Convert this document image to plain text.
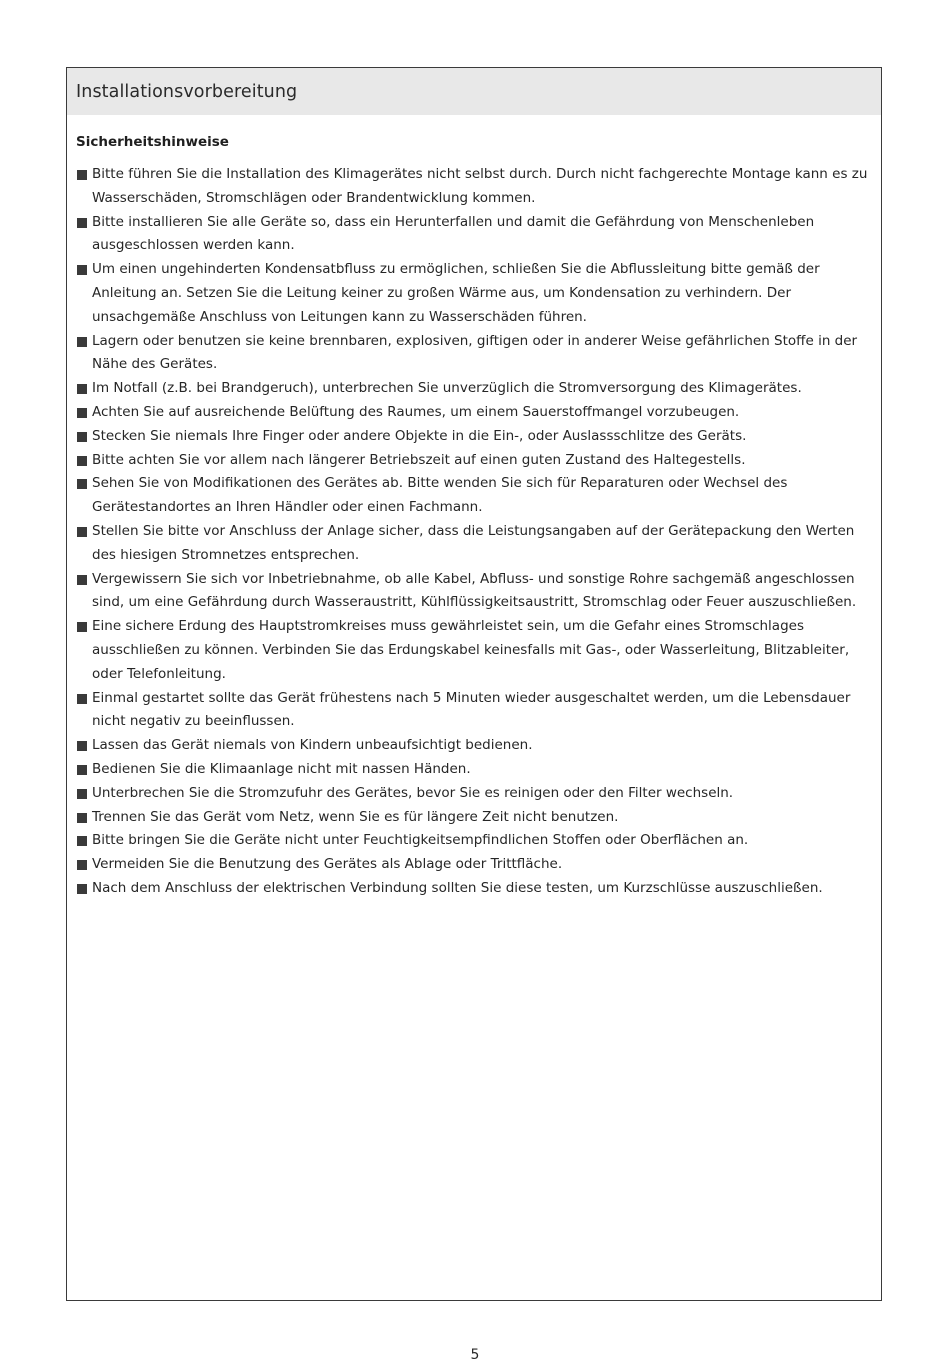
Installationsvorbereitung
Sicherheitshinweise
Bitte führen Sie die Installation des Klimagerätes nicht selbst durch. Durch nicht fachgerechte Montage kann es zu Wasserschäden, Stromschlägen oder Brandentwicklung kommen.
Bitte installieren Sie alle Geräte so, dass ein Herunterfallen und damit die Gefährdung von Menschenleben ausgeschlossen werden kann.
Um einen ungehinderten Kondensatbfluss zu ermöglichen, schließen Sie die Abflussleitung bitte gemäß der Anleitung an. Setzen Sie die Leitung keiner zu großen Wärme aus, um Kondensation zu verhindern. Der unsachgemäße Anschluss von Leitungen kann zu Wasserschäden führen.
Lagern oder benutzen sie keine brennbaren, explosiven, giftigen oder in anderer Weise gefährlichen Stoffe in der Nähe des Gerätes.
Im Notfall (z.B. bei Brandgeruch), unterbrechen Sie unverzüglich die Stromversorgung des Klimagerätes.
Achten Sie auf ausreichende Belüftung des Raumes, um einem Sauerstoffmangel vorzubeugen.
Stecken Sie niemals Ihre Finger oder andere Objekte in die Ein-, oder Auslassschlitze des Geräts.
Bitte achten Sie vor allem nach längerer Betriebszeit auf einen guten Zustand des Haltegestells.
Sehen Sie von Modifikationen des Gerätes ab. Bitte wenden Sie sich für Reparaturen oder Wechsel des Gerätestandortes an Ihren Händler oder einen Fachmann.
Stellen Sie bitte vor Anschluss der Anlage sicher, dass die Leistungsangaben auf der Gerätepackung den Werten des hiesigen Stromnetzes entsprechen.
Vergewissern Sie sich vor Inbetriebnahme, ob alle Kabel, Abfluss- und sonstige Rohre sachgemäß angeschlossen sind, um eine Gefährdung durch Wasseraustritt, Kühlflüssigkeitsaustritt, Stromschlag oder Feuer auszuschließen.
Eine sichere Erdung des Hauptstromkreises muss gewährleistet sein, um die Gefahr eines Stromschlages ausschließen zu können. Verbinden Sie das Erdungskabel keinesfalls mit Gas-, oder Wasserleitung, Blitzableiter, oder Telefonleitung.
Einmal gestartet sollte das Gerät frühestens nach 5 Minuten wieder ausgeschaltet werden, um die Lebensdauer nicht negativ zu beeinflussen.
Lassen das Gerät niemals von Kindern unbeaufsichtigt bedienen.
Bedienen Sie die Klimaanlage nicht mit nassen Händen.
Unterbrechen Sie die Stromzufuhr des Gerätes, bevor Sie es reinigen oder den Filter wechseln.
Trennen Sie das Gerät vom Netz, wenn Sie es für längere Zeit nicht benutzen.
Bitte bringen Sie die Geräte nicht unter Feuchtigkeitsempfindlichen Stoffen oder Oberflächen an.
Vermeiden Sie die Benutzung des Gerätes als Ablage oder Trittfläche.
Nach dem Anschluss der elektrischen Verbindung sollten Sie diese testen, um Kurzschlüsse auszuschließen.
5
